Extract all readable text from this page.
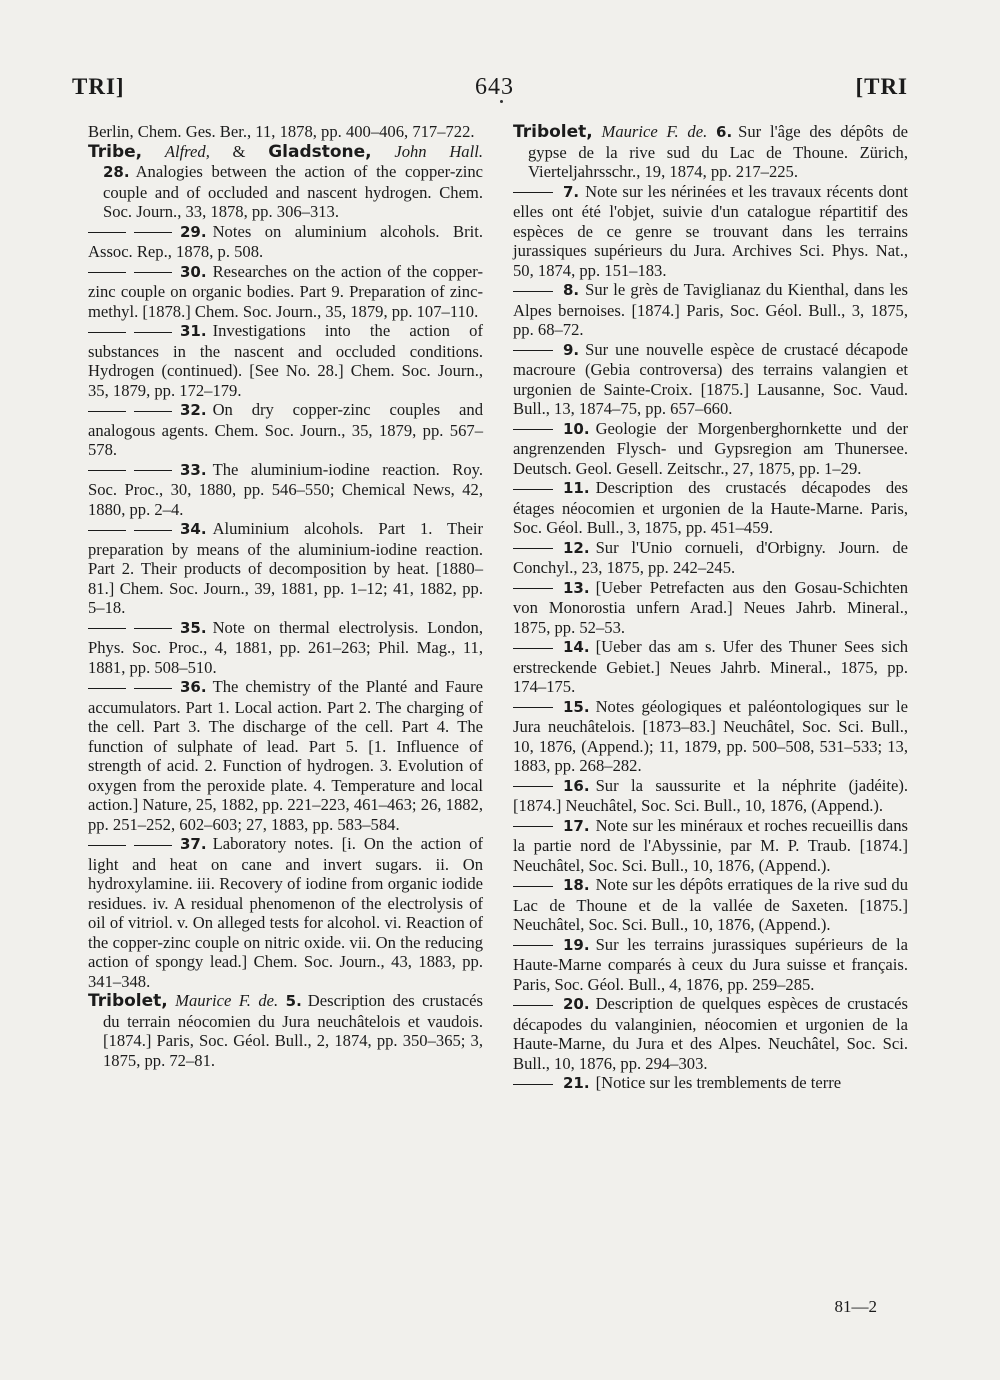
TRI]	643	[TRI
Berlin, Chem. Ges. Ber., 11, 1878, pp. 400–406, 717–722.
Tribe, Alfred, & Gladstone, John Hall. 28. Analogies between the action of the copper-zinc couple and of occluded and nascent hydrogen. Chem. Soc. Journ., 33, 1878, pp. 306–313.
29. Notes on aluminium alcohols. Brit. Assoc. Rep., 1878, p. 508.
30. Researches on the action of the copper-zinc couple on organic bodies. Part 9. Preparation of zinc-methyl. [1878.] Chem. Soc. Journ., 35, 1879, pp. 107–110.
31. Investigations into the action of substances in the nascent and occluded conditions. Hydrogen (continued). [See No. 28.] Chem. Soc. Journ., 35, 1879, pp. 172–179.
32. On dry copper-zinc couples and analogous agents. Chem. Soc. Journ., 35, 1879, pp. 567–578.
33. The aluminium-iodine reaction. Roy. Soc. Proc., 30, 1880, pp. 546–550; Chemical News, 42, 1880, pp. 2–4.
34. Aluminium alcohols. Part 1. Their preparation by means of the aluminium-iodine reaction. Part 2. Their products of decomposition by heat. [1880–81.] Chem. Soc. Journ., 39, 1881, pp. 1–12; 41, 1882, pp. 5–18.
35. Note on thermal electrolysis. London, Phys. Soc. Proc., 4, 1881, pp. 261–263; Phil. Mag., 11, 1881, pp. 508–510.
36. The chemistry of the Planté and Faure accumulators. Part 1. Local action. Part 2. The charging of the cell. Part 3. The discharge of the cell. Part 4. The function of sulphate of lead. Part 5. [1. Influence of strength of acid. 2. Function of hydrogen. 3. Evolution of oxygen from the peroxide plate. 4. Temperature and local action.] Nature, 25, 1882, pp. 221–223, 461–463; 26, 1882, pp. 251–252, 602–603; 27, 1883, pp. 583–584.
37. Laboratory notes. [i. On the action of light and heat on cane and invert sugars. ii. On hydroxylamine. iii. Recovery of iodine from organic iodide residues. iv. A residual phenomenon of the electrolysis of oil of vitriol. v. On alleged tests for alcohol. vi. Reaction of the copper-zinc couple on nitric oxide. vii. On the reducing action of spongy lead.] Chem. Soc. Journ., 43, 1883, pp. 341–348.
Tribolet, Maurice F. de. 5. Description des crustacés du terrain néocomien du Jura neuchâtelois et vaudois. [1874.] Paris, Soc. Géol. Bull., 2, 1874, pp. 350–365; 3, 1875, pp. 72–81.
Tribolet, Maurice F. de. 6. Sur l'âge des dépôts de gypse de la rive sud du Lac de Thoune. Zürich, Vierteljahrsschr., 19, 1874, pp. 217–225.
7. Note sur les nérinées et les travaux récents dont elles ont été l'objet, suivie d'un catalogue répartitif des espèces de ce genre se trouvant dans les terrains jurassiques supérieurs du Jura. Archives Sci. Phys. Nat., 50, 1874, pp. 151–183.
8. Sur le grès de Taviglianaz du Kienthal, dans les Alpes bernoises. [1874.] Paris, Soc. Géol. Bull., 3, 1875, pp. 68–72.
9. Sur une nouvelle espèce de crustacé décapode macroure (Gebia controversa) des terrains valangien et urgonien de Sainte-Croix. [1875.] Lausanne, Soc. Vaud. Bull., 13, 1874–75, pp. 657–660.
10. Geologie der Morgenberghornkette und der angrenzenden Flysch- und Gypsregion am Thunersee. Deutsch. Geol. Gesell. Zeitschr., 27, 1875, pp. 1–29.
11. Description des crustacés décapodes des étages néocomien et urgonien de la Haute-Marne. Paris, Soc. Géol. Bull., 3, 1875, pp. 451–459.
12. Sur l'Unio cornueli, d'Orbigny. Journ. de Conchyl., 23, 1875, pp. 242–245.
13. [Ueber Petrefacten aus den Gosau-Schichten von Monorostia unfern Arad.] Neues Jahrb. Mineral., 1875, pp. 52–53.
14. [Ueber das am s. Ufer des Thuner Sees sich erstreckende Gebiet.] Neues Jahrb. Mineral., 1875, pp. 174–175.
15. Notes géologiques et paléontologiques sur le Jura neuchâtelois. [1873–83.] Neuchâtel, Soc. Sci. Bull., 10, 1876, (Append.); 11, 1879, pp. 500–508, 531–533; 13, 1883, pp. 268–282.
16. Sur la saussurite et la néphrite (jadéite). [1874.] Neuchâtel, Soc. Sci. Bull., 10, 1876, (Append.).
17. Note sur les minéraux et roches recueillis dans la partie nord de l'Abyssinie, par M. P. Traub. [1874.] Neuchâtel, Soc. Sci. Bull., 10, 1876, (Append.).
18. Note sur les dépôts erratiques de la rive sud du Lac de Thoune et de la vallée de Saxeten. [1875.] Neuchâtel, Soc. Sci. Bull., 10, 1876, (Append.).
19. Sur les terrains jurassiques supérieurs de la Haute-Marne comparés à ceux du Jura suisse et français. Paris, Soc. Géol. Bull., 4, 1876, pp. 259–285.
20. Description de quelques espèces de crustacés décapodes du valanginien, néocomien et urgonien de la Haute-Marne, du Jura et des Alpes. Neuchâtel, Soc. Sci. Bull., 10, 1876, pp. 294–303.
21. [Notice sur les tremblements de terre
81—2
